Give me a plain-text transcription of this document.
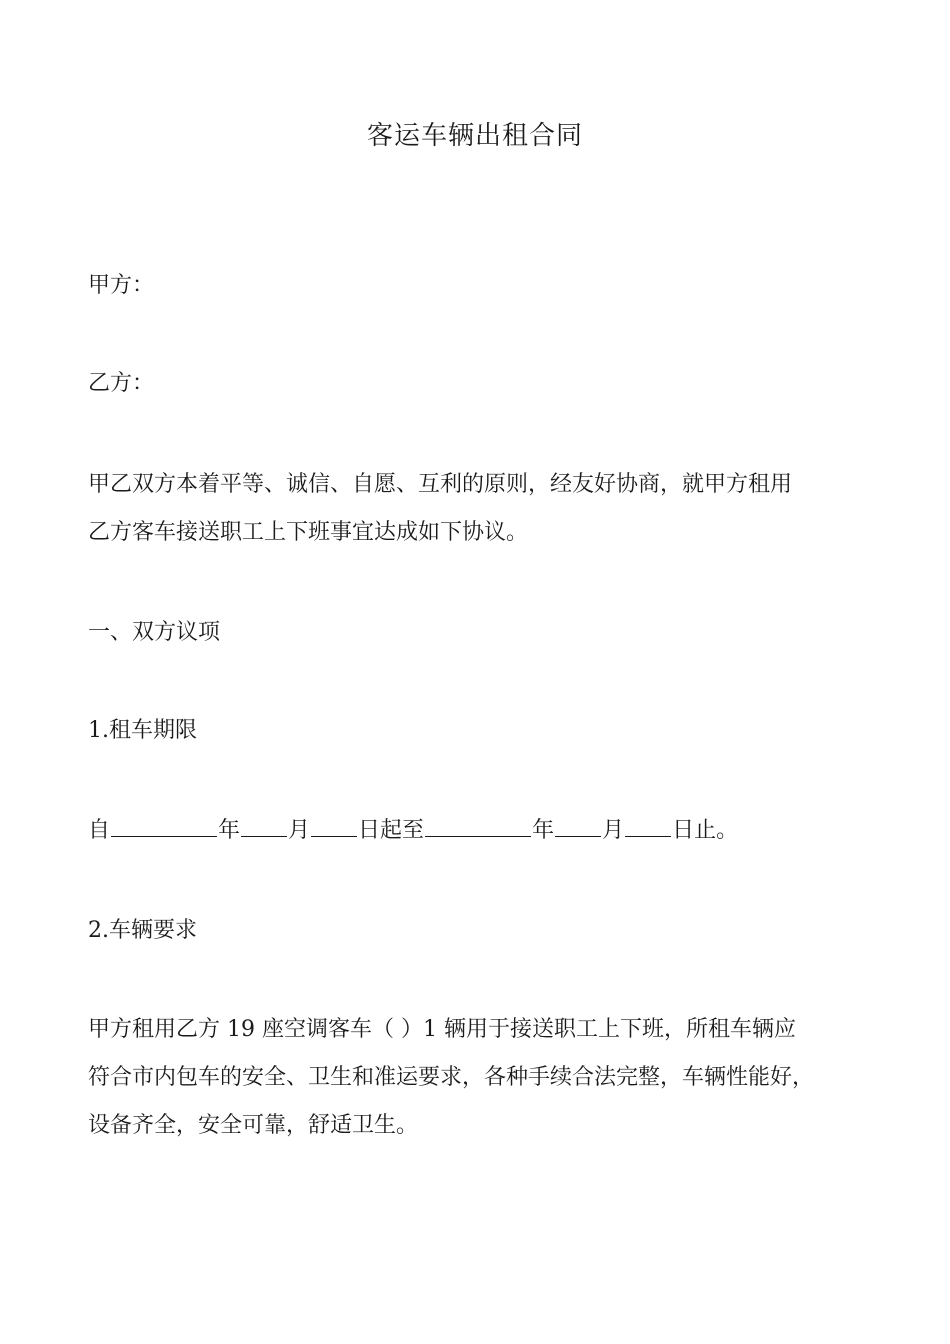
客运车辆出租合同

甲方：

乙方：

甲乙双方本着平等、诚信、自愿、互利的原则，经友好协商，就甲方租用
乙方客车接送职工上下班事宜达成如下协议。

一、双方议项

1.租车期限

自	年 月 日起至	年 月 日止。

2.车辆要求

甲方租用乙方 19 座空调客车（ ）1 辆用于接送职工上下班，所租车辆应
符合市内包车的安全、卫生和准运要求，各种手续合法完整，车辆性能好，
设备齐全，安全可靠，舒适卫生。
